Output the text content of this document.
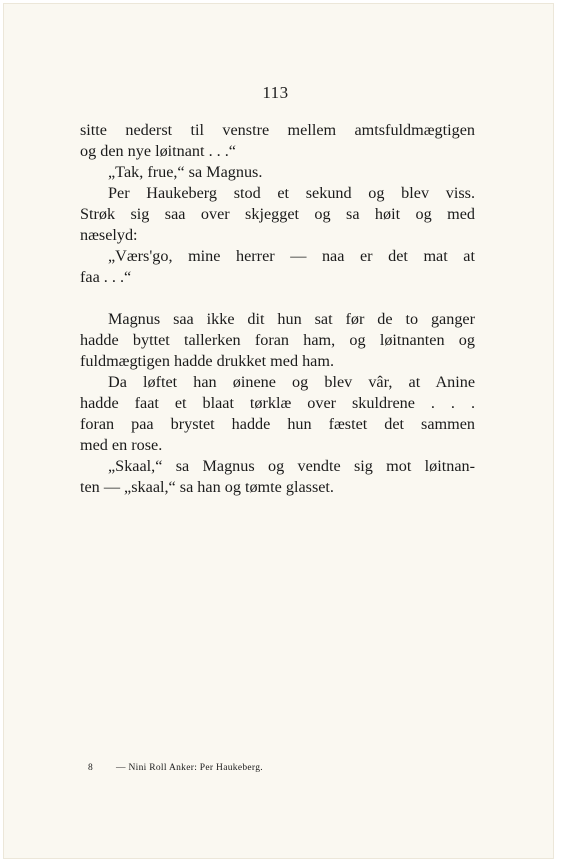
113

sitte nederst til venstre mellem amtsfuldmægtigen

og den nye løitnant . . .“

„Tak, frue,“ sa Magnus.

Per Haukeberg stod et sekund og blev viss.

Strøk sig saa over skjegget og sa høit og med

næselyd:

„Værs'go, mine herrer — naa er det mat at

faa . . .“

Magnus saa ikke dit hun sat før de to ganger

hadde byttet tallerken foran ham, og løitnanten og

fuldmægtigen hadde drukket med ham.

Da løftet han øinene og blev vâr, at Anine

hadde faat et blaat tørklæ over skuldrene . . .

foran paa brystet hadde hun fæstet det sammen

med en rose.

„Skaal,“ sa Magnus og vendte sig mot løitnan-

ten — „skaal,“ sa han og tømte glasset.

8 — Nini Roll Anker: Per Haukeberg.
